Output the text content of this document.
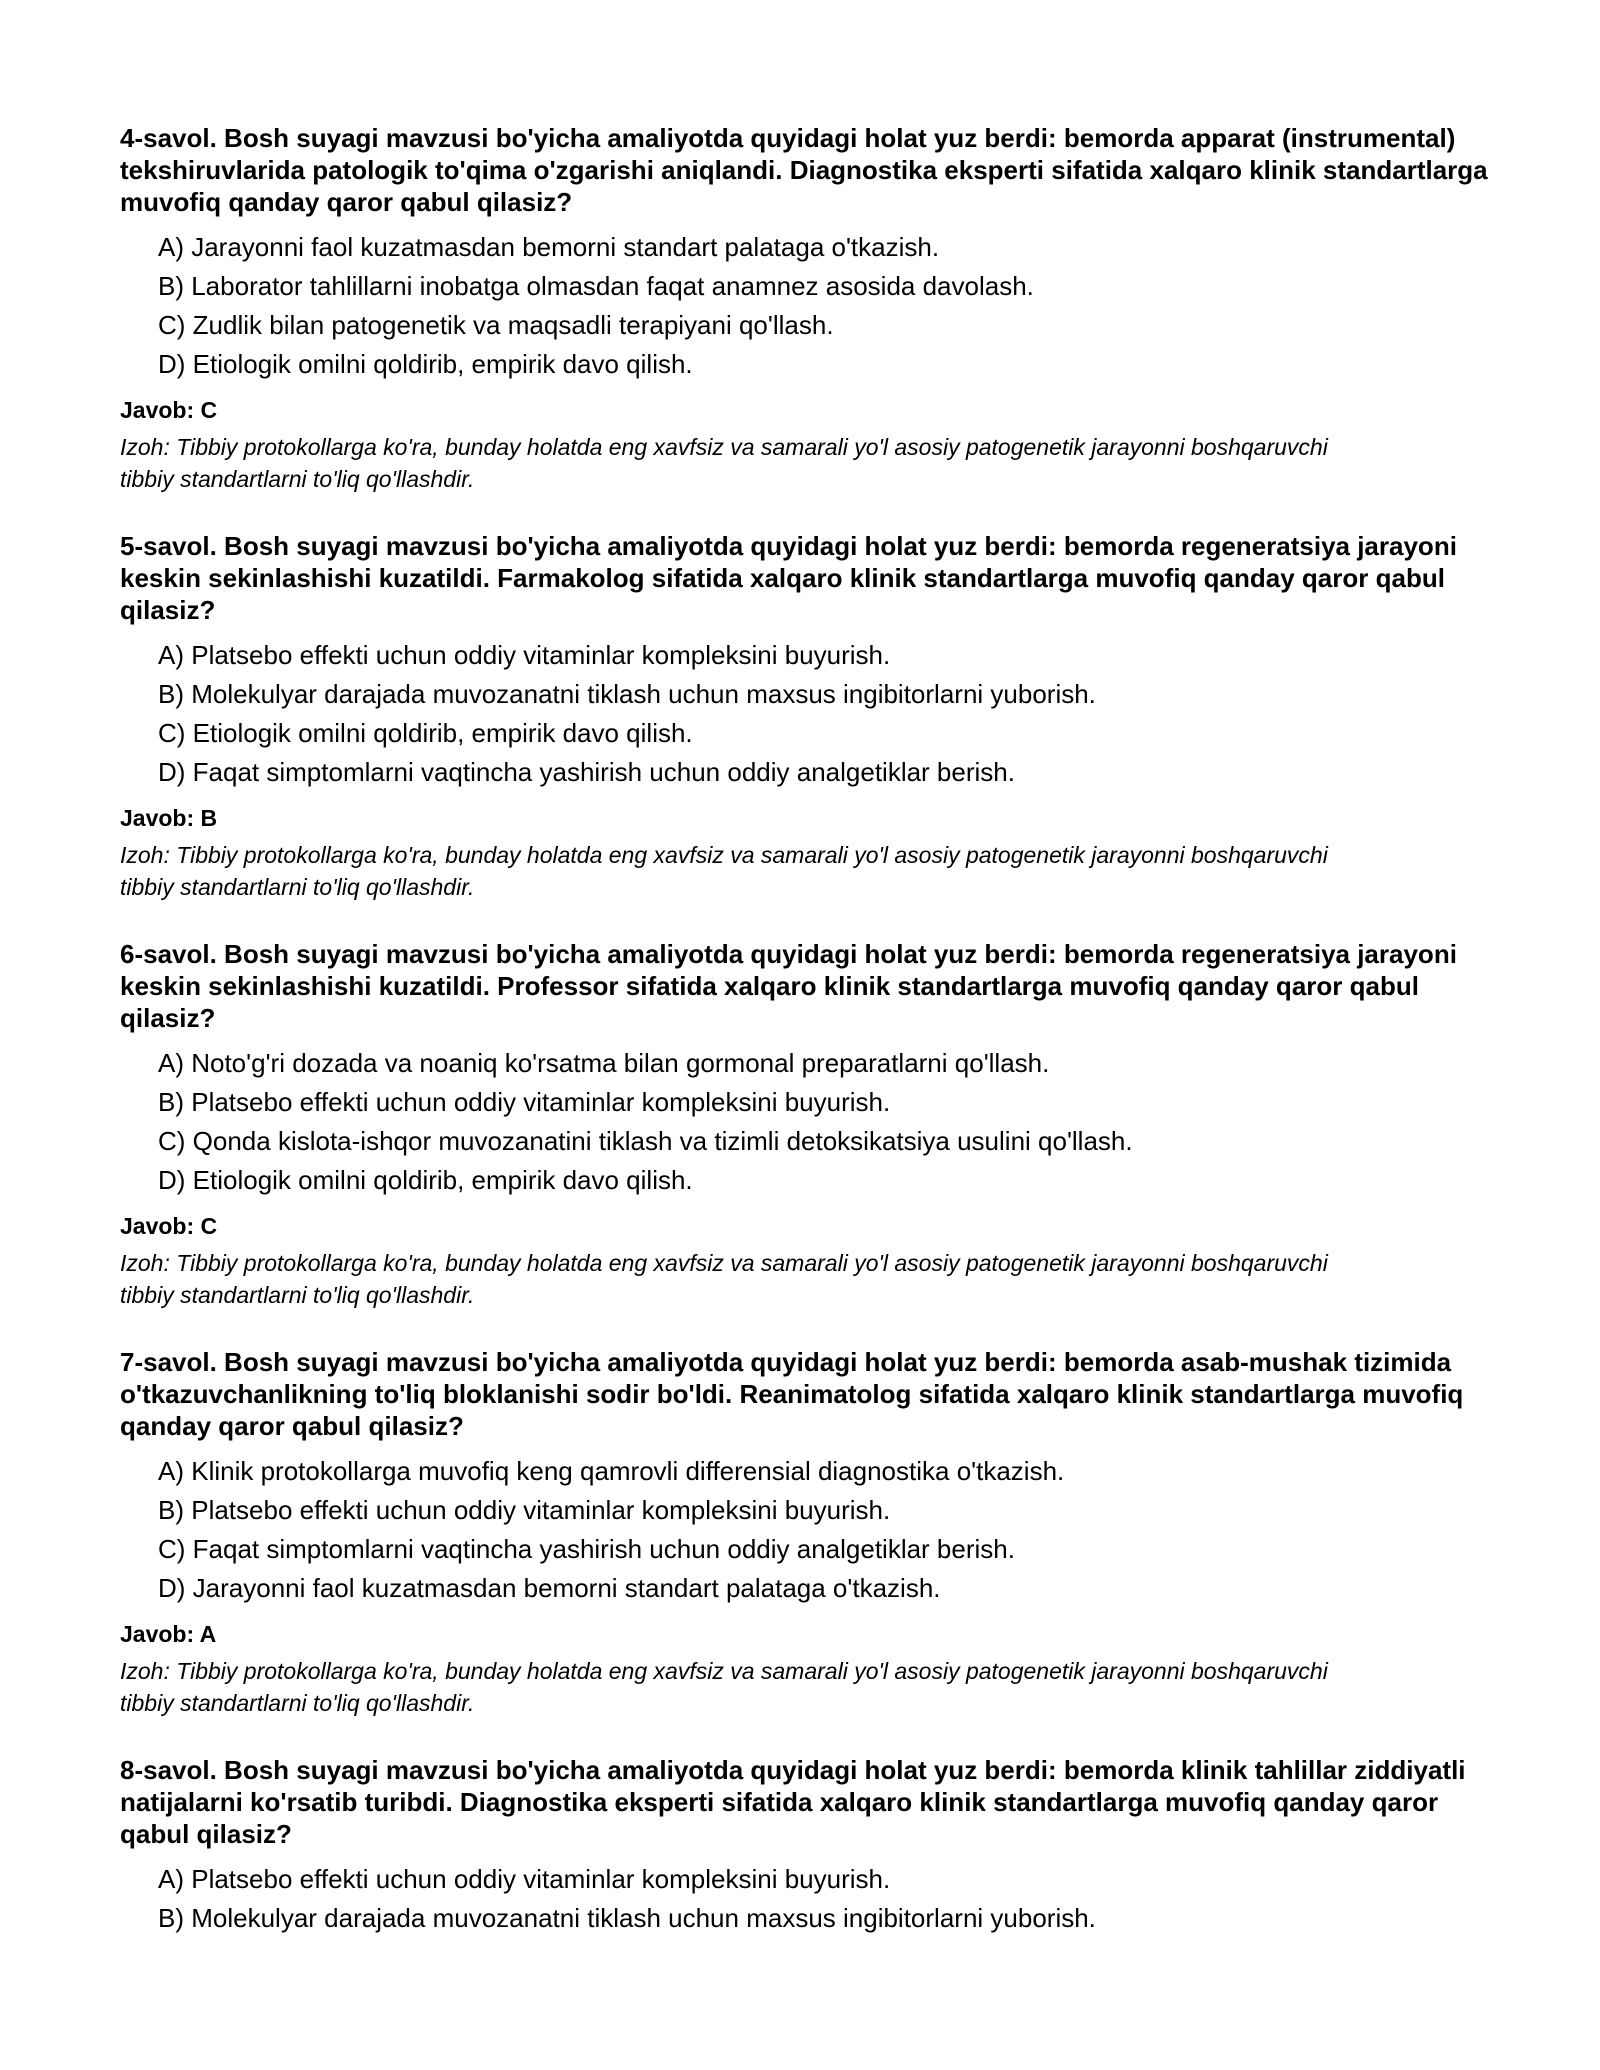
4-savol. Bosh suyagi mavzusi bo'yicha amaliyotda quyidagi holat yuz berdi: bemorda apparat (instrumental) tekshiruvlarida patologik to'qima o'zgarishi aniqlandi. Diagnostika eksperti sifatida xalqaro klinik standartlarga muvofiq qanday qaror qabul qilasiz?

A) Jarayonni faol kuzatmasdan bemorni standart palataga o'tkazish.
B) Laborator tahlillarni inobatga olmasdan faqat anamnez asosida davolash.
C) Zudlik bilan patogenetik va maqsadli terapiyani qo'llash.
D) Etiologik omilni qoldirib, empirik davo qilish.

Javob: C

Izoh: Tibbiy protokollarga ko'ra, bunday holatda eng xavfsiz va samarali yo'l asosiy patogenetik jarayonni boshqaruvchi tibbiy standartlarni to'liq qo'llashdir.

5-savol. Bosh suyagi mavzusi bo'yicha amaliyotda quyidagi holat yuz berdi: bemorda regeneratsiya jarayoni keskin sekinlashishi kuzatildi. Farmakolog sifatida xalqaro klinik standartlarga muvofiq qanday qaror qabul qilasiz?

A) Platsebo effekti uchun oddiy vitaminlar kompleksini buyurish.
B) Molekulyar darajada muvozanatni tiklash uchun maxsus ingibitorlarni yuborish.
C) Etiologik omilni qoldirib, empirik davo qilish.
D) Faqat simptomlarni vaqtincha yashirish uchun oddiy analgetiklar berish.

Javob: B

Izoh: Tibbiy protokollarga ko'ra, bunday holatda eng xavfsiz va samarali yo'l asosiy patogenetik jarayonni boshqaruvchi tibbiy standartlarni to'liq qo'llashdir.

6-savol. Bosh suyagi mavzusi bo'yicha amaliyotda quyidagi holat yuz berdi: bemorda regeneratsiya jarayoni keskin sekinlashishi kuzatildi. Professor sifatida xalqaro klinik standartlarga muvofiq qanday qaror qabul qilasiz?

A) Noto'g'ri dozada va noaniq ko'rsatma bilan gormonal preparatlarni qo'llash.
B) Platsebo effekti uchun oddiy vitaminlar kompleksini buyurish.
C) Qonda kislota-ishqor muvozanatini tiklash va tizimli detoksikatsiya usulini qo'llash.
D) Etiologik omilni qoldirib, empirik davo qilish.

Javob: C

Izoh: Tibbiy protokollarga ko'ra, bunday holatda eng xavfsiz va samarali yo'l asosiy patogenetik jarayonni boshqaruvchi tibbiy standartlarni to'liq qo'llashdir.

7-savol. Bosh suyagi mavzusi bo'yicha amaliyotda quyidagi holat yuz berdi: bemorda asab-mushak tizimida o'tkazuvchanlikning to'liq bloklanishi sodir bo'ldi. Reanimatolog sifatida xalqaro klinik standartlarga muvofiq qanday qaror qabul qilasiz?

A) Klinik protokollarga muvofiq keng qamrovli differensial diagnostika o'tkazish.
B) Platsebo effekti uchun oddiy vitaminlar kompleksini buyurish.
C) Faqat simptomlarni vaqtincha yashirish uchun oddiy analgetiklar berish.
D) Jarayonni faol kuzatmasdan bemorni standart palataga o'tkazish.

Javob: A

Izoh: Tibbiy protokollarga ko'ra, bunday holatda eng xavfsiz va samarali yo'l asosiy patogenetik jarayonni boshqaruvchi tibbiy standartlarni to'liq qo'llashdir.

8-savol. Bosh suyagi mavzusi bo'yicha amaliyotda quyidagi holat yuz berdi: bemorda klinik tahlillar ziddiyatli natijalarni ko'rsatib turibdi. Diagnostika eksperti sifatida xalqaro klinik standartlarga muvofiq qanday qaror qabul qilasiz?

A) Platsebo effekti uchun oddiy vitaminlar kompleksini buyurish.
B) Molekulyar darajada muvozanatni tiklash uchun maxsus ingibitorlarni yuborish.
